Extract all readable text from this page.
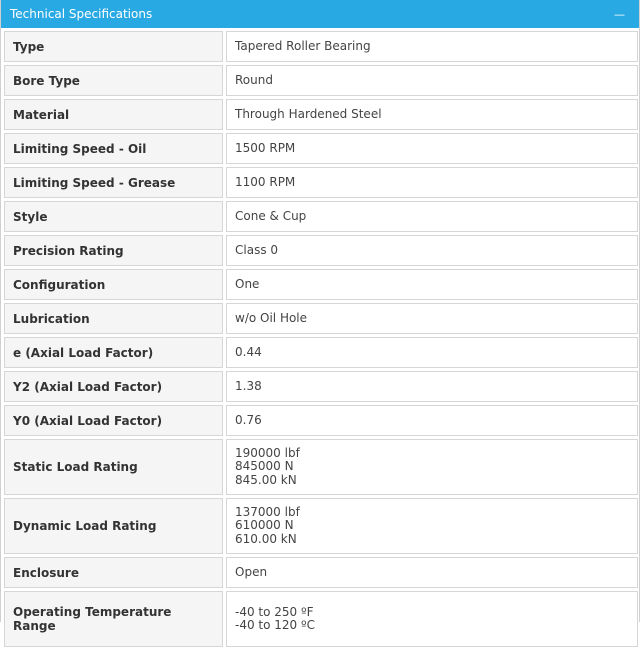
Technical Specifications	—
Type	Tapered Roller Bearing

Bore Type	Round

Material	Through Hardened Steel

Limiting Speed - Oil	1500 RPM

Limiting Speed - Grease	1100 RPM

Style	Cone & Cup

Precision Rating	Class 0

Configuration	One

Lubrication	w/o Oil Hole

e (Axial Load Factor)	0.44

Y2 (Axial Load Factor)	1.38

Y0 (Axial Load Factor)	0.76

Static Load Rating	190000 lbf
845000 N
845.00 kN

Dynamic Load Rating	137000 lbf
610000 N
610.00 kN

Enclosure	Open

Operating Temperature Range	-40 to 250 ºF
-40 to 120 ºC
